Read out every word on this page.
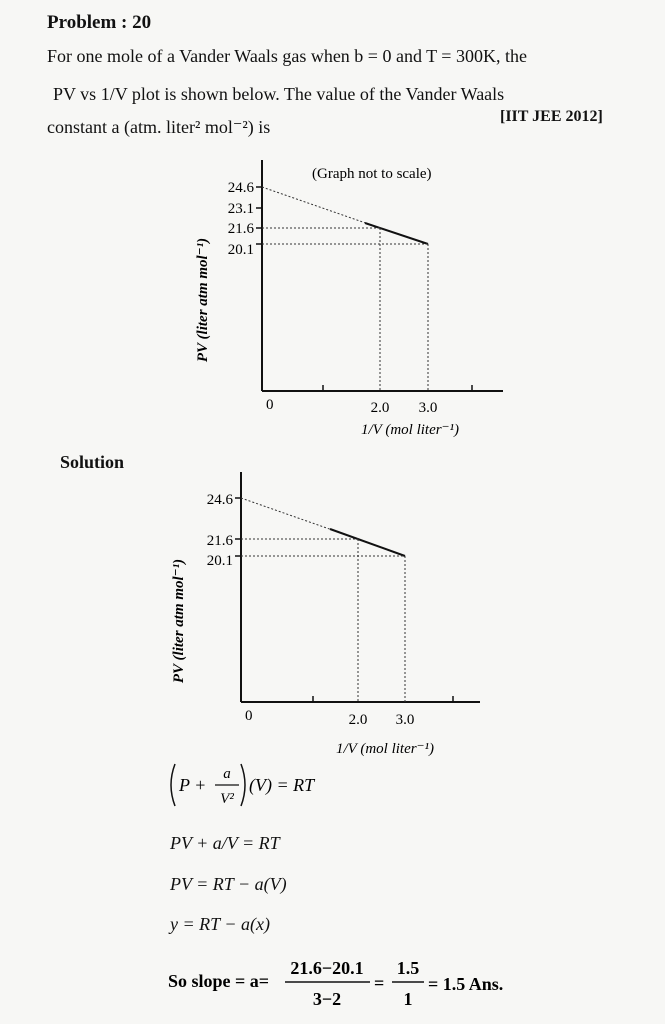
Problem : 20
For one mole of a Vander Waals gas when b = 0 and T = 300K, the
PV vs 1/V plot is shown below. The value of the Vander Waals
constant a (atm. liter² mol⁻²) is
[IIT JEE 2012]
(Graph not to scale)
24.6
23.1
21.6
20.1
0	2.0 3.0
1/V (mol liter⁻¹)
PV (liter atm mol⁻¹)
Solution
24.6
21.6
20.1
0	2.0 3.0
1/V (mol liter⁻¹)
PV (liter atm mol⁻¹)
P +
a
V²
(V) = RT
PV + a/V = RT
PV = RT − a(V)
y = RT − a(x)
So slope = a=
21.6−20.1
3−2
=
1.5
1
= 1.5 Ans.
